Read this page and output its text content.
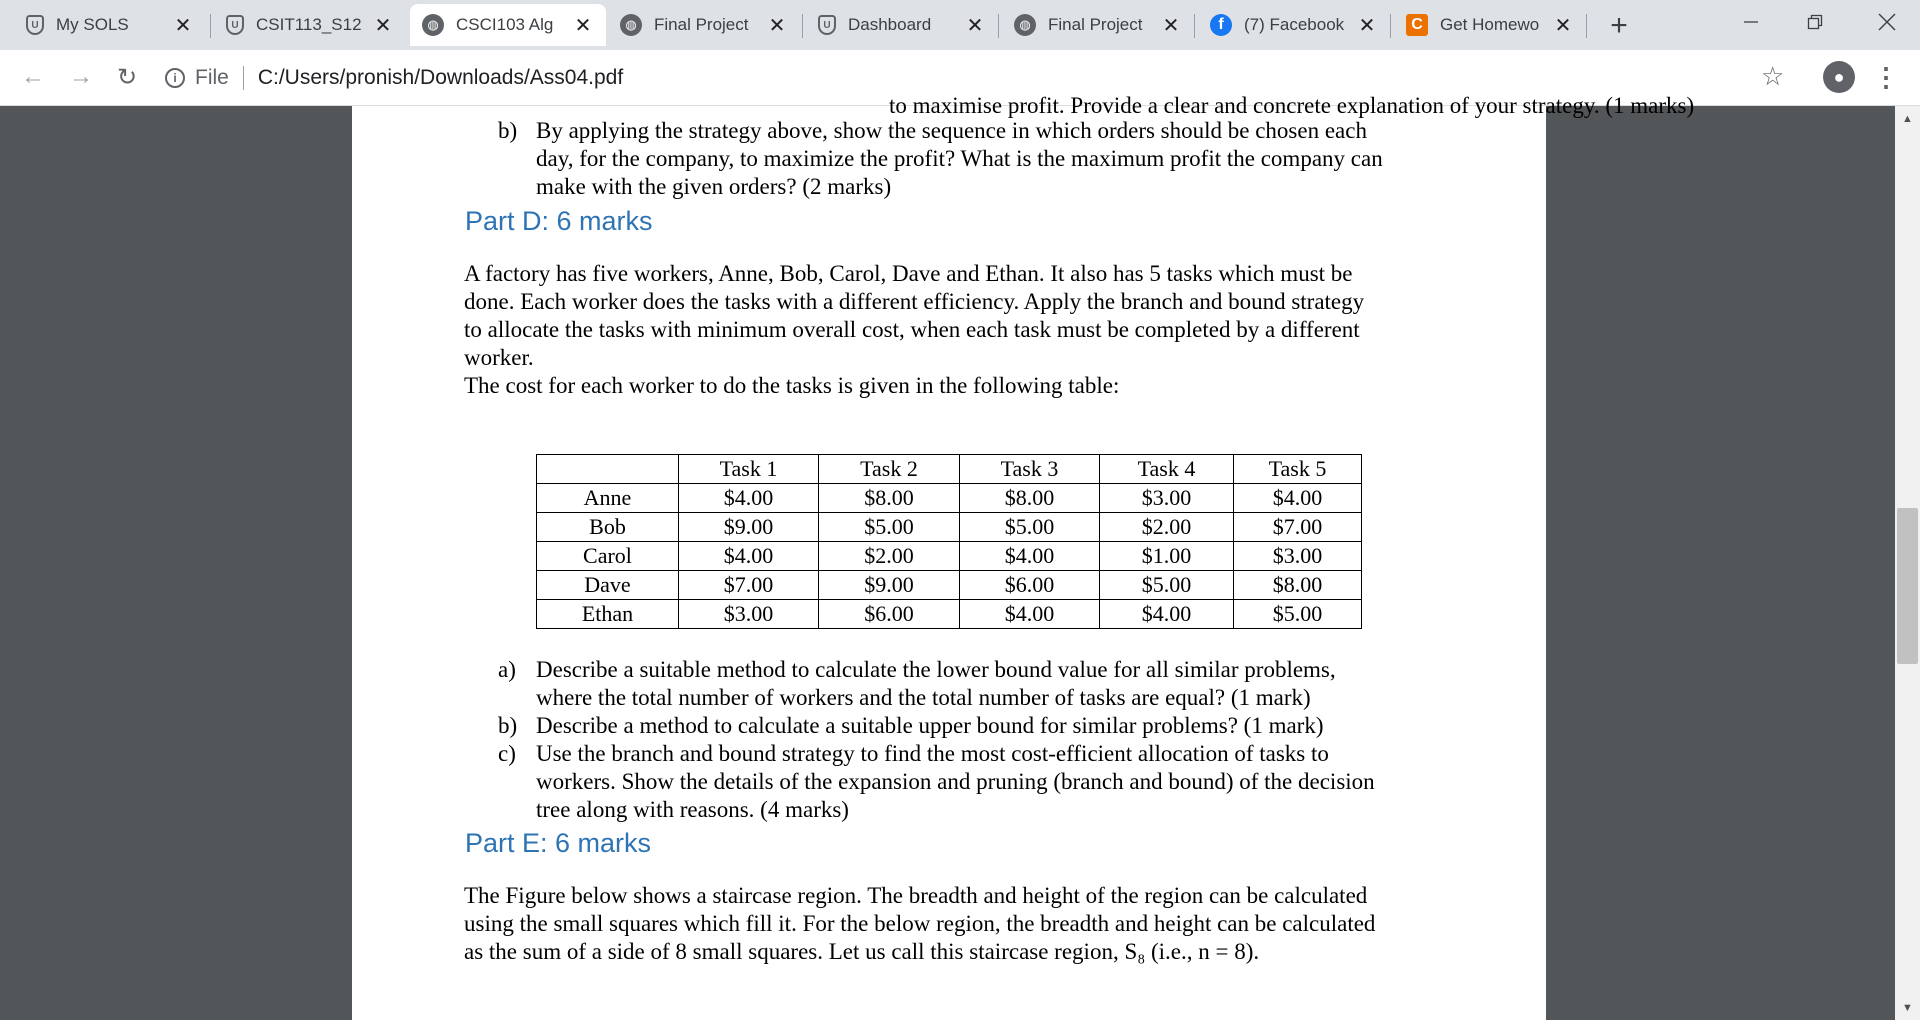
U	My SOLS	✕	U	CSIT113_S12 ✕	◍	CSCI103 Alg	✕	◍	Final Project	✕	U	Dashboard	✕	◍	Final Project	✕	f	(7) Facebook ✕	C	Get Homewo ✕ +
← → ↻	i File C:/Users/pronish/Downloads/Ass04.pdf	☆	● ⋮
to maximise profit. Provide a clear and concrete explanation of your strategy. (1 marks)
b) By applying the strategy above, show the sequence in which orders should be chosen each
day, for the company, to maximize the profit? What is the maximum profit the company can
make with the given orders? (2 marks)
Part D: 6 marks
A factory has five workers, Anne, Bob, Carol, Dave and Ethan. It also has 5 tasks which must be
done. Each worker does the tasks with a different efficiency. Apply the branch and bound strategy
to allocate the tasks with minimum overall cost, when each task must be completed by a different
worker.
The cost for each worker to do the tasks is given in the following table:
	Task 1	Task 2	Task 3	Task 4	Task 5
Anne	$4.00	$8.00	$8.00	$3.00	$4.00
Bob	$9.00	$5.00	$5.00	$2.00	$7.00
Carol	$4.00	$2.00	$4.00	$1.00	$3.00
Dave	$7.00	$9.00	$6.00	$5.00	$8.00
Ethan	$3.00	$6.00	$4.00	$4.00	$5.00
a) Describe a suitable method to calculate the lower bound value for all similar problems,
where the total number of workers and the total number of tasks are equal? (1 mark)
b) Describe a method to calculate a suitable upper bound for similar problems? (1 mark)
c) Use the branch and bound strategy to find the most cost-efficient allocation of tasks to
workers. Show the details of the expansion and pruning (branch and bound) of the decision
tree along with reasons. (4 marks)
Part E: 6 marks
The Figure below shows a staircase region. The breadth and height of the region can be calculated
using the small squares which fill it. For the below region, the breadth and height can be calculated
as the sum of a side of 8 small squares. Let us call this staircase region, S₈ (i.e., n = 8).
▲
▼
